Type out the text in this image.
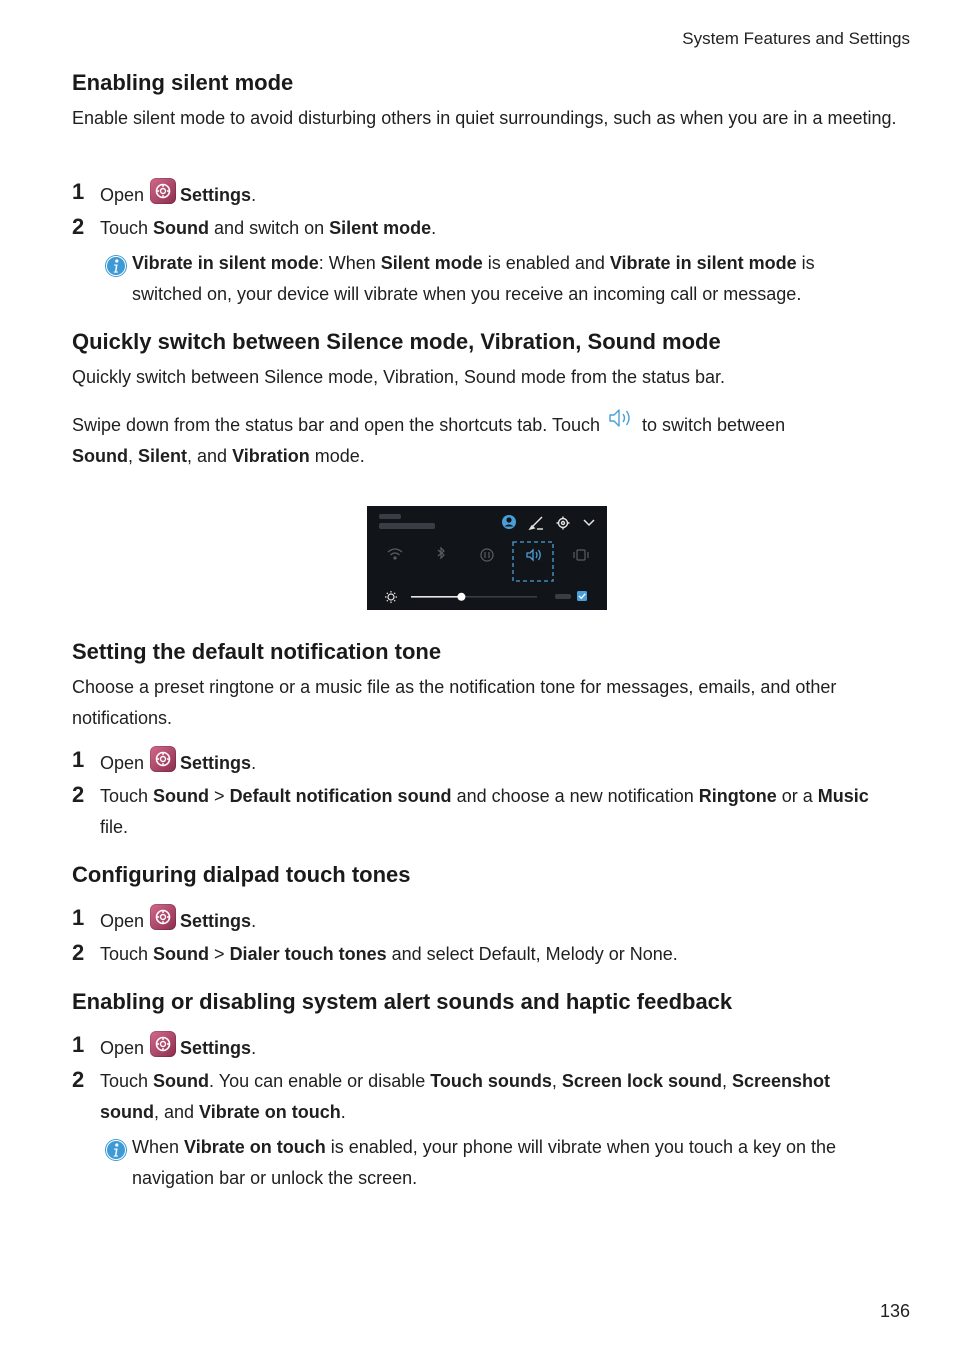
System Features and Settings
Enabling silent mode

Enable silent mode to avoid disturbing others in quiet surroundings, such as when you are in a meeting.

1 Open Settings.
2 Touch Sound and switch on Silent mode.
Vibrate in silent mode: When Silent mode is enabled and Vibrate in silent mode is switched on, your device will vibrate when you receive an incoming call or message.
Quickly switch between Silence mode, Vibration, Sound mode

Quickly switch between Silence mode, Vibration, Sound mode from the status bar.

Swipe down from the status bar and open the shortcuts tab. Touch to switch between
Sound, Silent, and Vibration mode.

Setting the default notification tone

Choose a preset ringtone or a music file as the notification tone for messages, emails, and other notifications.

1 Open Settings.
2 Touch Sound > Default notification sound and choose a new notification Ringtone or a Music file.
Configuring dialpad touch tones
1 Open Settings.
2 Touch Sound > Dialer touch tones and select Default, Melody or None.
Enabling or disabling system alert sounds and haptic feedback
1 Open Settings.
2 Touch Sound. You can enable or disable Touch sounds, Screen lock sound, Screenshot sound, and Vibrate on touch.
When Vibrate on touch is enabled, your phone will vibrate when you touch a key on the navigation bar or unlock the screen.
136
